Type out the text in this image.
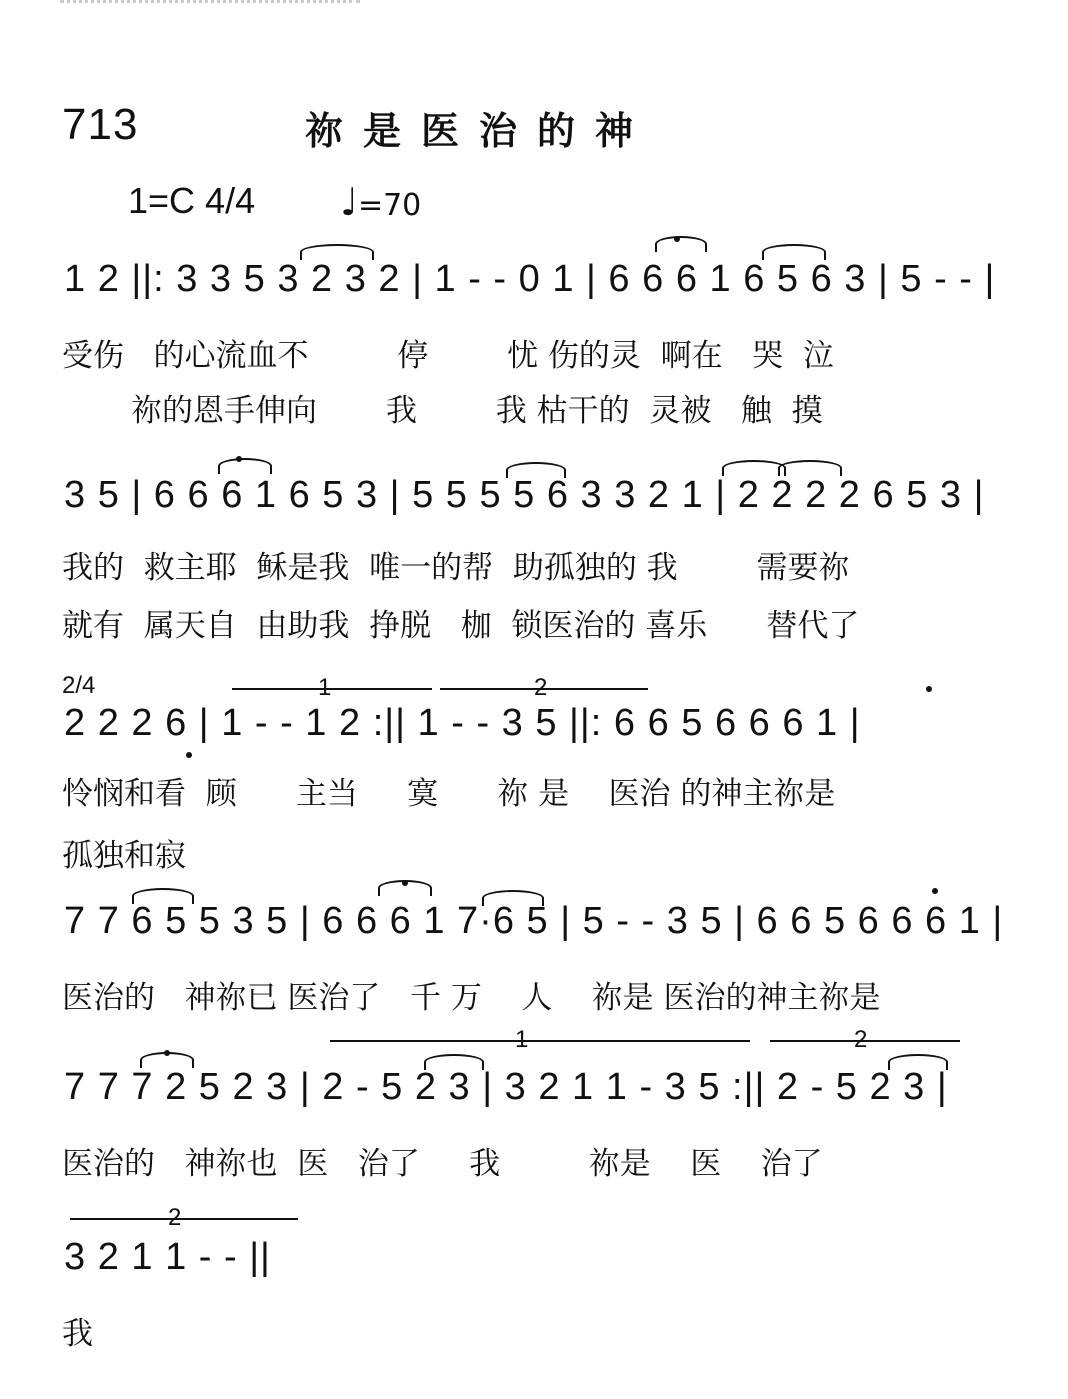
713	祢是医治的神
1=C 4/4 ♩=70
1 2 ||: 3 3 5 3 2 3 2 | 1 - - 0 1 | 6 6 6 1 6 5 6 3 | 5 - - |
受伤   的心流血不         停        忧 伤的灵  啊在   哭  泣
祢的恩手伸向       我        我 枯干的  灵被   触  摸
3 5 | 6 6 6 1 6 5 3 | 5 5 5 5 6 3 3 2 1 | 2 2 2 2 6 5 3 |
我的  救主耶  稣是我  唯一的帮  助孤独的 我        需要祢
就有  属天自  由助我  挣脱   枷  锁医治的 喜乐      替代了
2/4	1	2
2 2 2 6 | 1 - - 1 2 :|| 1 - - 3 5 ||: 6 6 5 6 6 6 1 |
怜悯和看  顾      主当     寞      祢 是    医治 的神主祢是
孤独和寂
7 7 6 5 5 3 5 | 6 6 6 1 7·6 5 | 5 - - 3 5 | 6 6 5 6 6 6 1 |
医治的   神祢已 医治了   千 万    人    祢是 医治的神主祢是
1	2
7 7 7 2 5 2 3 | 2 - 5 2 3 | 3 2 1 1 - 3 5 :|| 2 - 5 2 3 |
医治的   神祢也  医   治了     我         祢是    医    治了
2
3 2 1 1 - - ||
我
